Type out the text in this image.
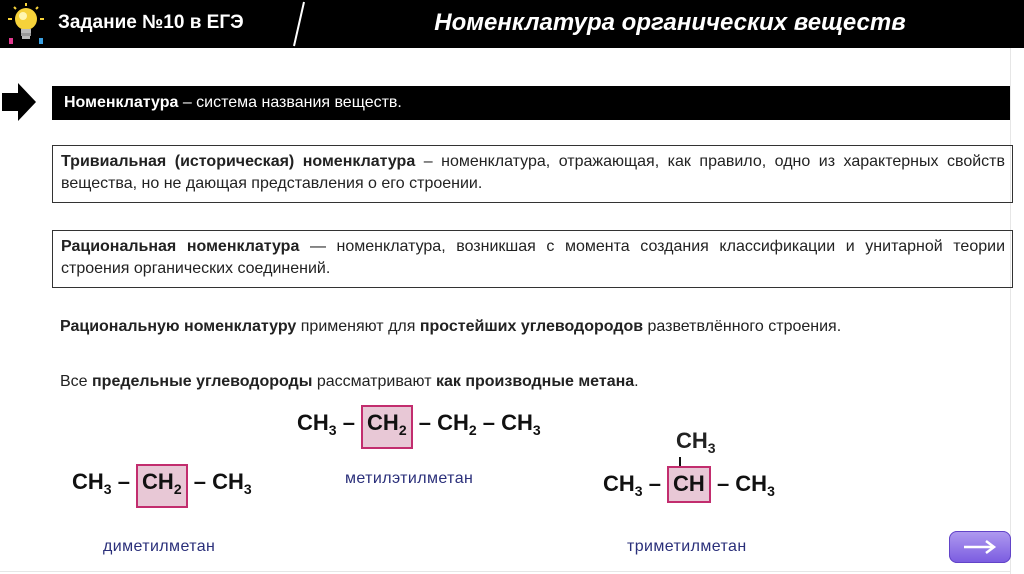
Задание №10 в ЕГЭ	Номенклатура органических веществ
Номенклатура – система названия веществ.
Тривиальная (историческая) номенклатура – номенклатура, отражающая, как правило, одно из характерных свойств вещества, но не дающая представления о его строении.
Рациональная номенклатура — номенклатура, возникшая с момента создания классификации и унитарной теории строения органических соединений.
Рациональную номенклатуру применяют для простейших углеводородов разветвлённого строения.
Все предельные углеводороды рассматривают как производные метана.
$CH_3 - CH_2 - CH_2 - CH_3$
метилэтилметан
$CH_3 - CH_2 - CH_3$
диметилметан
$CH_3$
$CH_3$ – CH – $CH_3$
триметилметан
